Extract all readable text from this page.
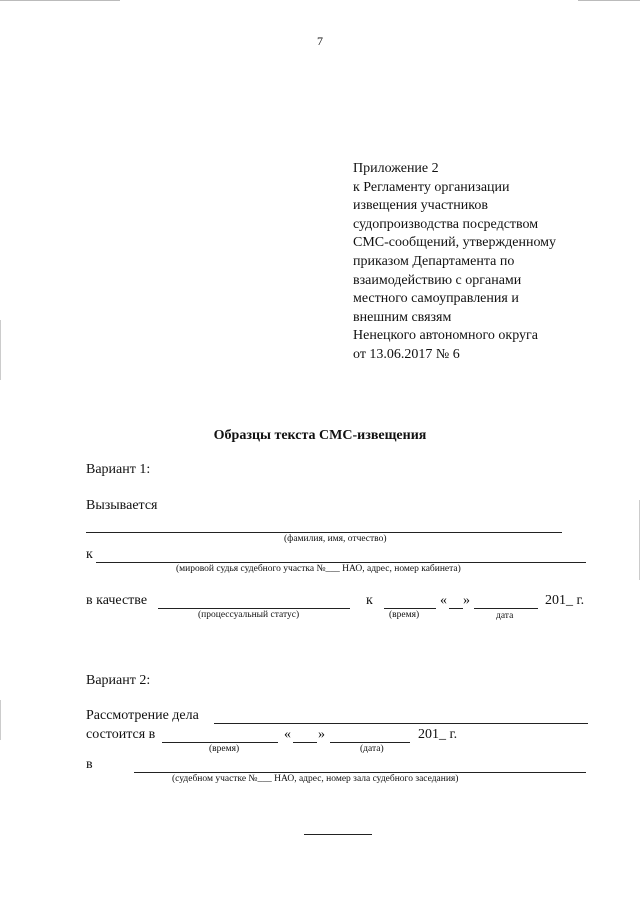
7
Приложение 2
к Регламенту организации
извещения участников
судопроизводства посредством
СМС-сообщений, утвержденному
приказом Департамента по
взаимодействию с органами
местного самоуправления и
внешним связям
Ненецкого автономного округа
от 13.06.2017 № 6
Образцы текста СМС-извещения
Вариант 1:
Вызывается
(фамилия, имя, отчество)
к
(мировой судья судебного участка №___ НАО, адрес, номер кабинета)
в качестве	к	« »	201_ г.
(процессуальный статус)	(время)	дата
Вариант 2:
Рассмотрение дела
состоится в	« »	201_ г.
(время)	(дата)
в
(судебном участке №___ НАО, адрес, номер зала судебного заседания)
